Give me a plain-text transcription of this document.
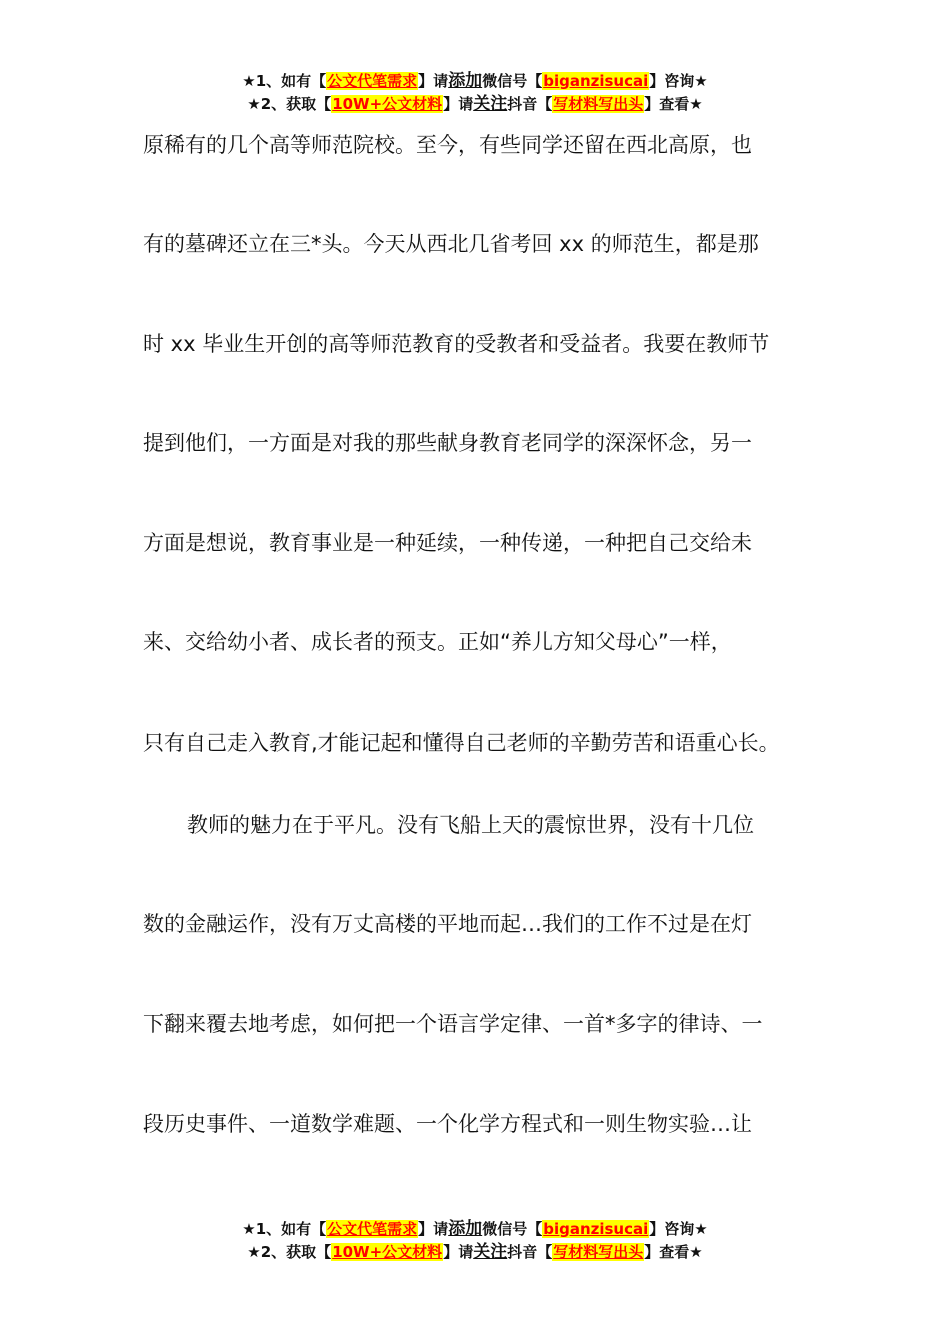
★1、如有【公文代笔需求】请添加微信号【biganzisucai】咨询★
★2、获取【10W+公文材料】请关注抖音【写材料写出头】查看★
原稀有的几个高等师范院校。至今，有些同学还留在西北高原，也
有的墓碑还立在三*头。今天从西北几省考回 xx 的师范生，都是那
时 xx 毕业生开创的高等师范教育的受教者和受益者。我要在教师节
提到他们，一方面是对我的那些献身教育老同学的深深怀念，另一
方面是想说，教育事业是一种延续，一种传递，一种把自己交给未
来、交给幼小者、成长者的预支。正如“养儿方知父母心”一样，
只有自己走入教育,才能记起和懂得自己老师的辛勤劳苦和语重心长。
教师的魅力在于平凡。没有飞船上天的震惊世界，没有十几位
数的金融运作，没有万丈高楼的平地而起…我们的工作不过是在灯
下翻来覆去地考虑，如何把一个语言学定律、一首*多字的律诗、一
段历史事件、一道数学难题、一个化学方程式和一则生物实验…让
★1、如有【公文代笔需求】请添加微信号【biganzisucai】咨询★
★2、获取【10W+公文材料】请关注抖音【写材料写出头】查看★
